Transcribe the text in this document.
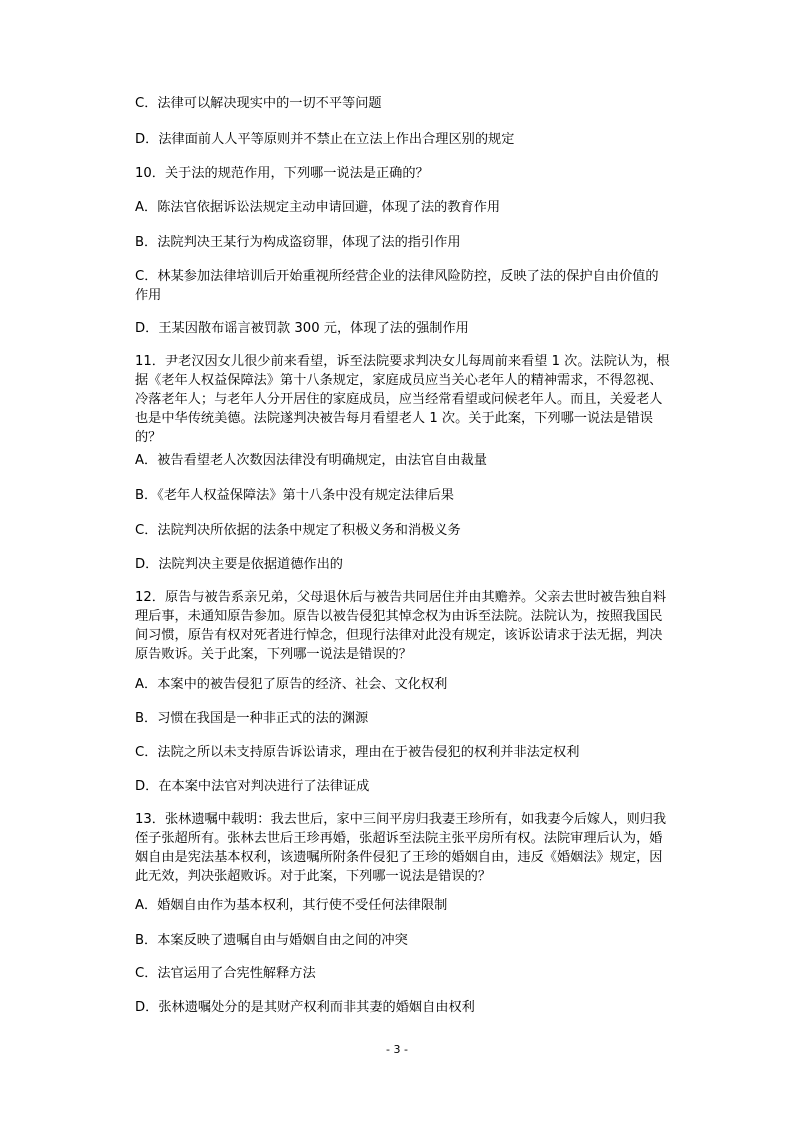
C．法律可以解决现实中的一切不平等问题

D．法律面前人人平等原则并不禁止在立法上作出合理区别的规定

10．关于法的规范作用，下列哪一说法是正确的？

A．陈法官依据诉讼法规定主动申请回避，体现了法的教育作用

B．法院判决王某行为构成盗窃罪，体现了法的指引作用

C．林某参加法律培训后开始重视所经营企业的法律风险防控，反映了法的保护自由价值的作用

D．王某因散布谣言被罚款 300 元，体现了法的强制作用

11．尹老汉因女儿很少前来看望，诉至法院要求判决女儿每周前来看望 1 次。法院认为，根据《老年人权益保障法》第十八条规定，家庭成员应当关心老年人的精神需求，不得忽视、冷落老年人；与老年人分开居住的家庭成员，应当经常看望或问候老年人。而且，关爱老人也是中华传统美德。法院遂判决被告每月看望老人 1 次。关于此案，下列哪一说法是错误的？

A．被告看望老人次数因法律没有明确规定，由法官自由裁量

B．《老年人权益保障法》第十八条中没有规定法律后果

C．法院判决所依据的法条中规定了积极义务和消极义务

D．法院判决主要是依据道德作出的

12．原告与被告系亲兄弟，父母退休后与被告共同居住并由其赡养。父亲去世时被告独自料理后事，未通知原告参加。原告以被告侵犯其悼念权为由诉至法院。法院认为，按照我国民间习惯，原告有权对死者进行悼念，但现行法律对此没有规定，该诉讼请求于法无据，判决原告败诉。关于此案，下列哪一说法是错误的？

A．本案中的被告侵犯了原告的经济、社会、文化权利

B．习惯在我国是一种非正式的法的渊源

C．法院之所以未支持原告诉讼请求，理由在于被告侵犯的权利并非法定权利

D．在本案中法官对判决进行了法律证成

13．张林遗嘱中载明：我去世后，家中三间平房归我妻王珍所有，如我妻今后嫁人，则归我侄子张超所有。张林去世后王珍再婚，张超诉至法院主张平房所有权。法院审理后认为，婚姻自由是宪法基本权利，该遗嘱所附条件侵犯了王珍的婚姻自由，违反《婚姻法》规定，因此无效，判决张超败诉。对于此案，下列哪一说法是错误的？

A．婚姻自由作为基本权利，其行使不受任何法律限制

B．本案反映了遗嘱自由与婚姻自由之间的冲突

C．法官运用了合宪性解释方法

D．张林遗嘱处分的是其财产权利而非其妻的婚姻自由权利

- 3 -
